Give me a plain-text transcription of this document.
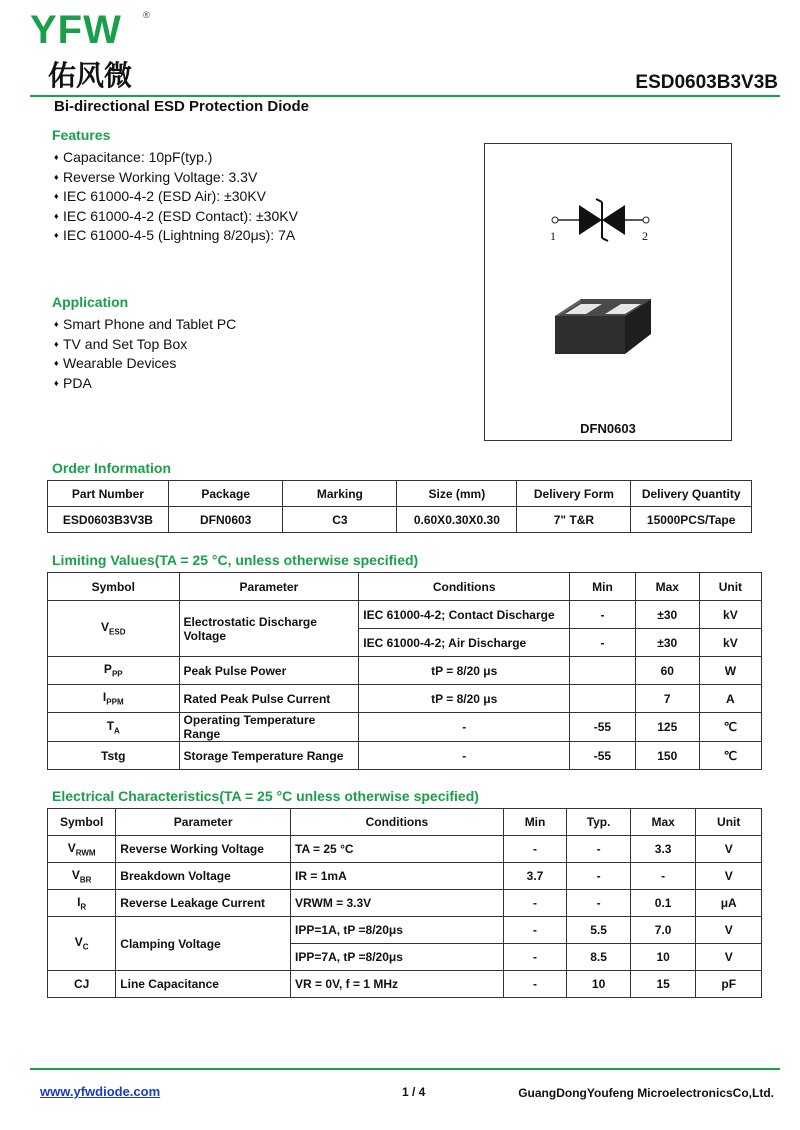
YFW	®
佑风微	ESD0603B3V3B
Bi-directional ESD Protection Diode
Features
♦ Capacitance: 10pF(typ.)
♦ Reverse Working Voltage: 3.3V
♦ IEC 61000-4-2 (ESD Air): ±30KV
♦ IEC 61000-4-2 (ESD Contact): ±30KV
♦ IEC 61000-4-5 (Lightning 8/20μs): 7A
Application
♦ Smart Phone and Tablet PC
♦ TV and Set Top Box
♦ Wearable Devices
♦ PDA
1	2
DFN0603
Order Information
Part Number	Package	Marking	Size (mm)	Delivery Form	Delivery Quantity
ESD0603B3V3B	DFN0603	C3	0.60X0.30X0.30	7" T&R	15000PCS/Tape
Limiting Values(TA = 25 °C, unless otherwise specified)
Symbol	Parameter	Conditions	Min	Max	Unit
$V_{ESD}$	Electrostatic Discharge Voltage	IEC 61000-4-2; Contact Discharge	-	±30	kV
		IEC 61000-4-2; Air Discharge	-	±30	kV
$P_{PP}$	Peak Pulse Power	tP = 8/20 μs		60	W
$I_{PPM}$	Rated Peak Pulse Current	tP = 8/20 μs		7	A
$T_A$	Operating Temperature Range	-	-55	125	℃
Tstg	Storage Temperature Range	-	-55	150	℃
Electrical Characteristics(TA = 25 °C unless otherwise specified)
Symbol	Parameter	Conditions	Min	Typ.	Max	Unit
$V_{RWM}$	Reverse Working Voltage	TA = 25 °C	-	-	3.3	V
$V_{BR}$	Breakdown Voltage	IR = 1mA	3.7	-	-	V
$I_R$	Reverse Leakage Current	VRWM = 3.3V	-	-	0.1	μA
$V_C$	Clamping Voltage	IPP=1A, tP =8/20μs	-	5.5	7.0	V
		IPP=7A, tP =8/20μs	-	8.5	10	V
CJ	Line Capacitance	VR = 0V, f = 1 MHz	-	10	15	pF
www.yfwdiode.com	1 / 4	GuangDongYoufeng MicroelectronicsCo,Ltd.
